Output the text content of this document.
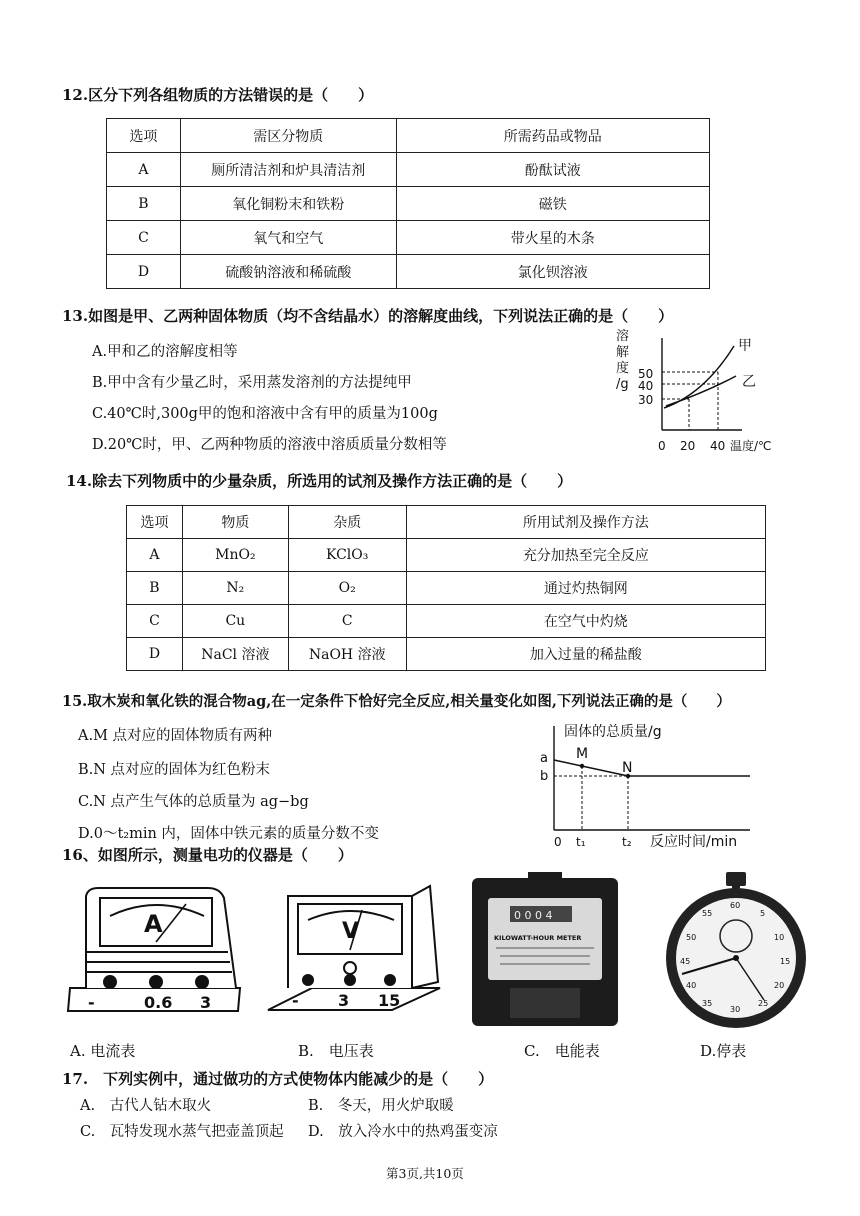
12.区分下列各组物质的方法错误的是（　　）
选项	需区分物质	所需药品或物品
A	厕所清洁剂和炉具清洁剂	酚酞试液
B	氧化铜粉末和铁粉	磁铁
C	氧气和空气	带火星的木条
D	硫酸钠溶液和稀硫酸	氯化钡溶液
13.如图是甲、乙两种固体物质（均不含结晶水）的溶解度曲线，下列说法正确的是（　　）
A.甲和乙的溶解度相等
B.甲中含有少量乙时，采用蒸发溶剂的方法提纯甲
C.40℃时,300g甲的饱和溶液中含有甲的质量为100g
D.20℃时，甲、乙两种物质的溶液中溶质质量分数相等
溶
解
度
/g
50
40
30
0 20 40 温度/℃
甲
乙
14.除去下列物质中的少量杂质，所选用的试剂及操作方法正确的是（　　）
选项	物质	杂质	所用试剂及操作方法
A	MnO₂	KClO₃	充分加热至完全反应
B	N₂	O₂	通过灼热铜网
C	Cu	C	在空气中灼烧
D	NaCl 溶液	NaOH 溶液	加入过量的稀盐酸
15.取木炭和氧化铁的混合物ag,在一定条件下恰好完全反应,相关量变化如图,下列说法正确的是（　　）
A.M 点对应的固体物质有两种
B.N 点对应的固体为红色粉末
C.N 点产生气体的总质量为 ag−bg
D.0～t₂min 内，固体中铁元素的质量分数不变
固体的总质量/g
a
b
M
N
0 t₁	t₂ 反应时间/min
16、如图所示，测量电功的仪器是（　　）
A
-	0.6 3
V
- 3 15
0 0 0 4
KILOWATT-HOUR METER
60
5
10
15
20
25
30
35
40
45
50
55
A. 电流表	B.　电压表	C.　电能表	D.停表
17.　下列实例中，通过做功的方式使物体内能减少的是（　　）
A.　古代人钻木取火	B.　冬天，用火炉取暖
C.　瓦特发现水蒸气把壶盖顶起 D.　放入冷水中的热鸡蛋变凉
第3页,共10页
